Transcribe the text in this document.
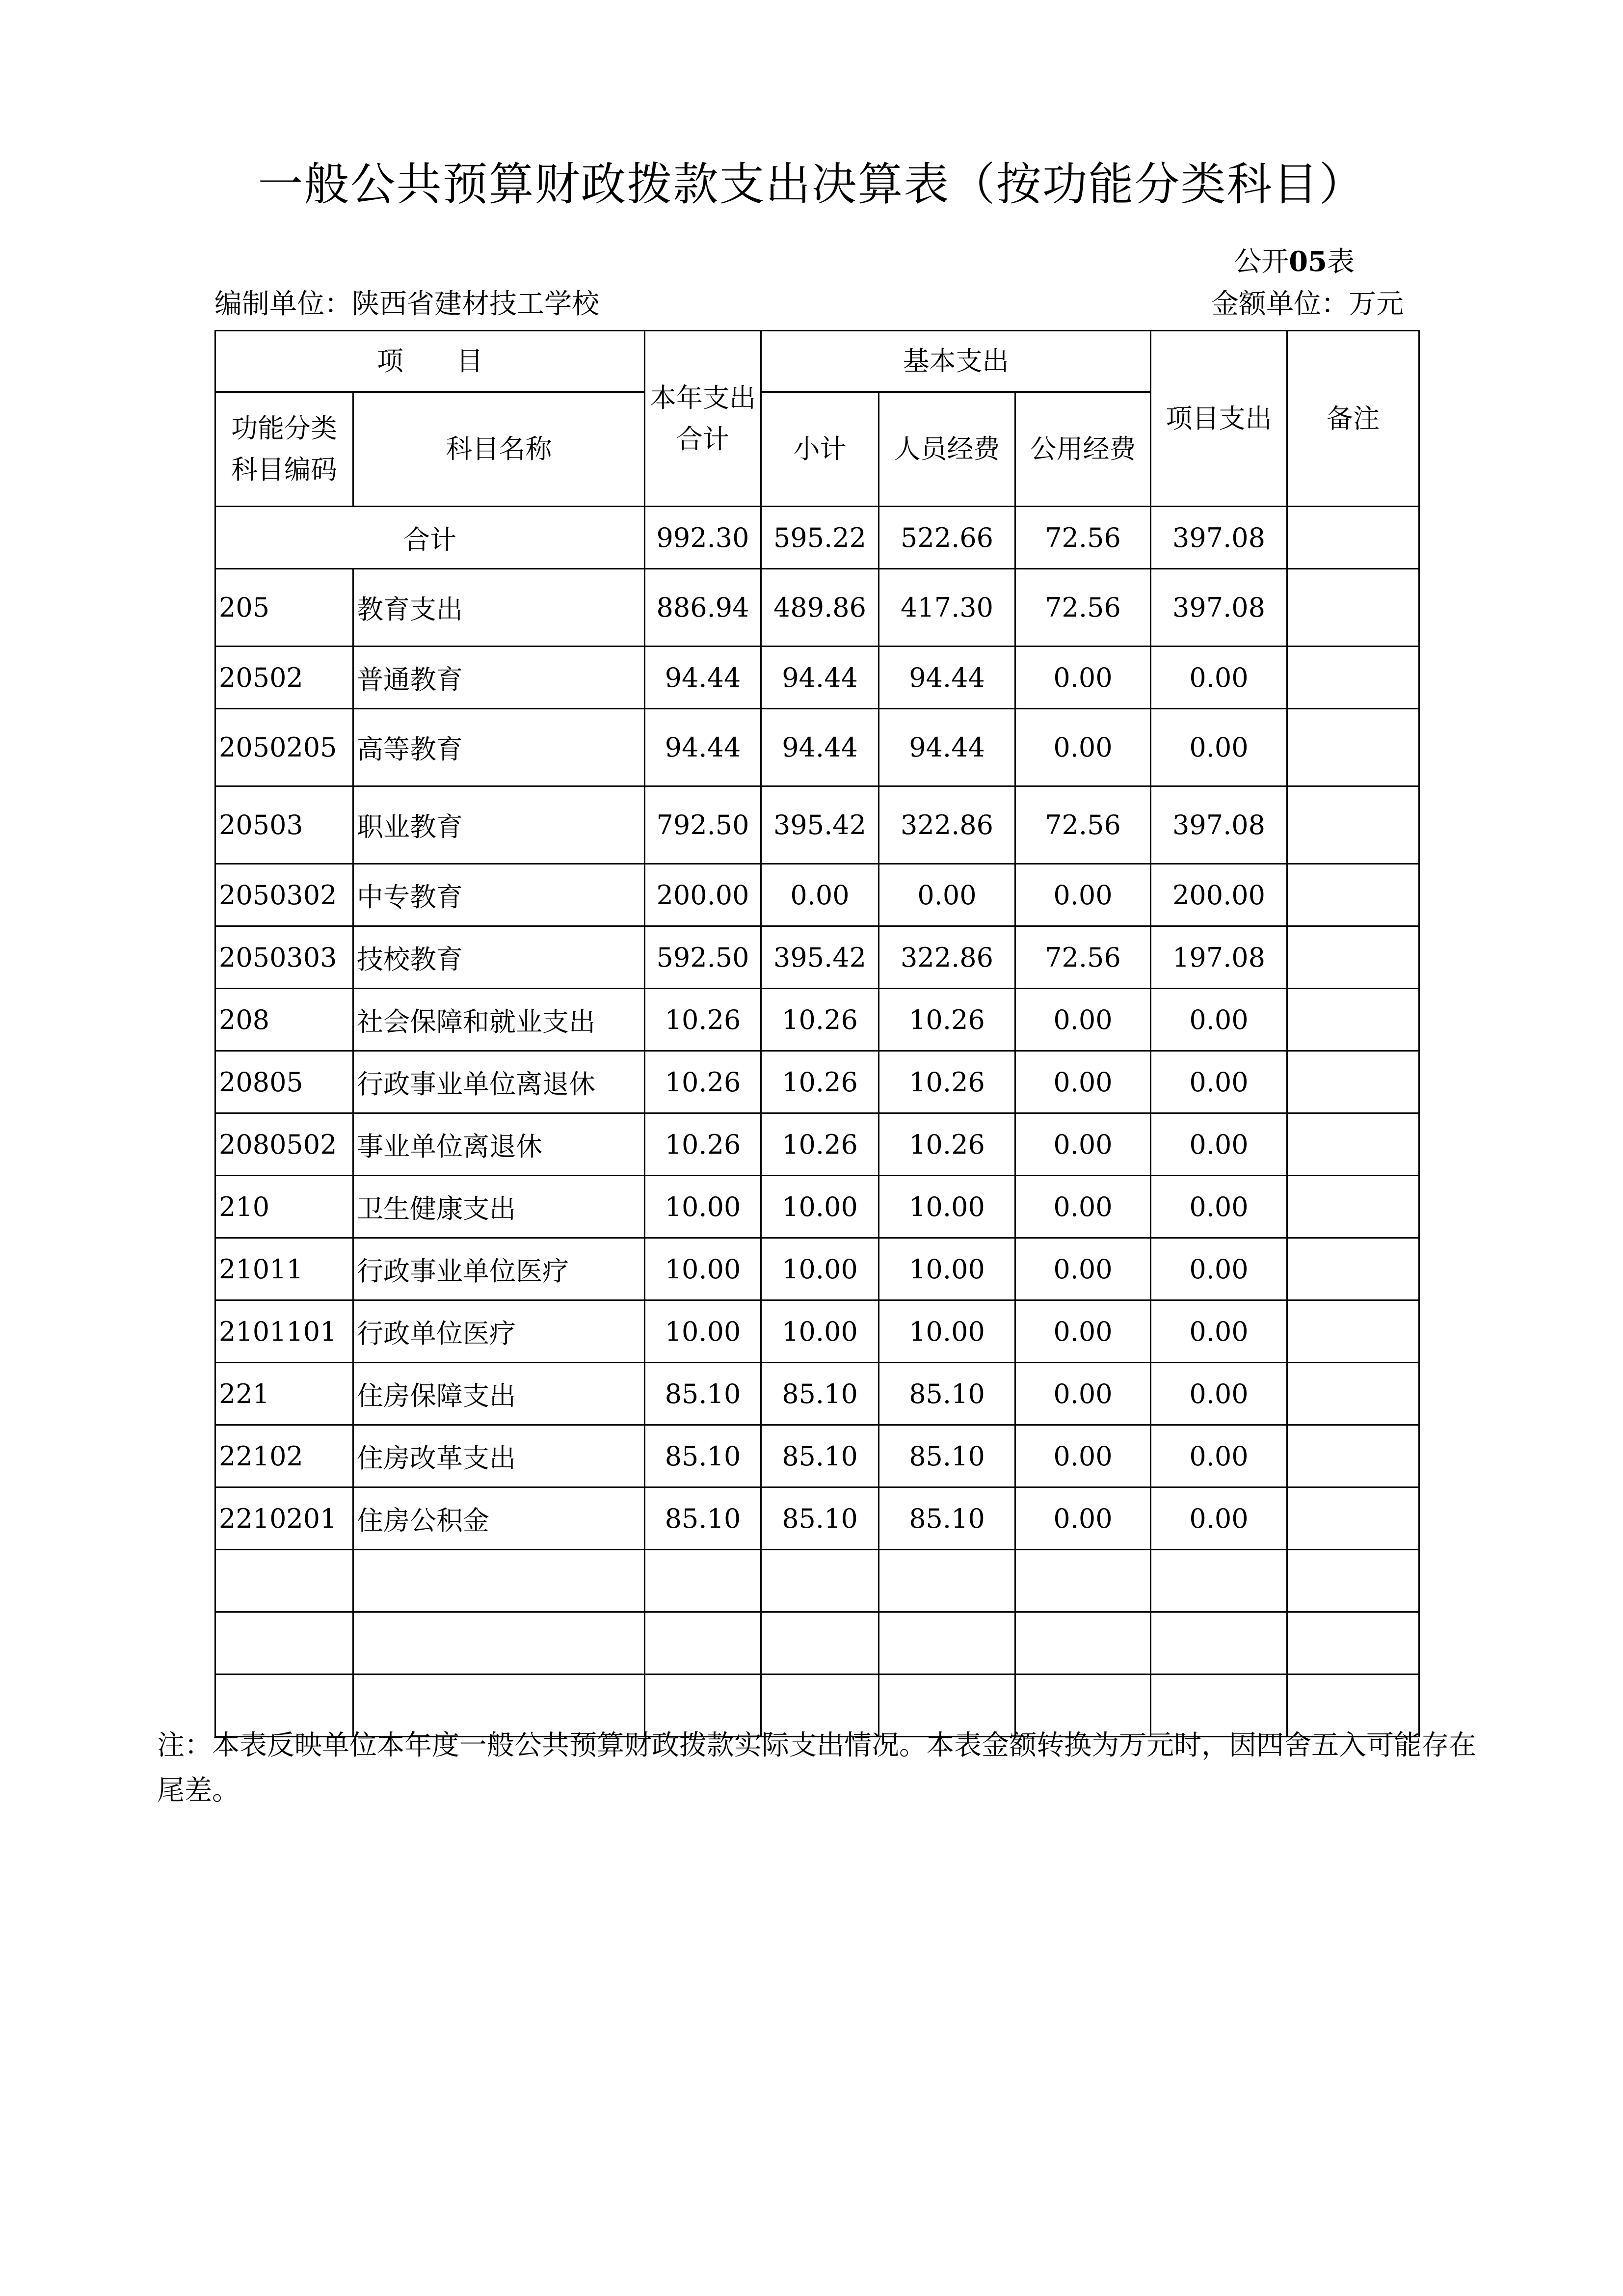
一般公共预算财政拨款支出决算表（按功能分类科目）
公开05表
编制单位：陕西省建材技工学校	金额单位：万元
项　　目		本年支出合计	基本支出			项目支出	备注
功能分类科目编码	科目名称		小计	人员经费	公用经费		
合计		992.30	595.22	522.66	72.56	397.08	
205	教育支出	886.94	489.86	417.30	72.56	397.08	
20502	普通教育	94.44	94.44	94.44	0.00	0.00	
2050205	高等教育	94.44	94.44	94.44	0.00	0.00	
20503	职业教育	792.50	395.42	322.86	72.56	397.08	
2050302	中专教育	200.00	0.00	0.00	0.00	200.00	
2050303	技校教育	592.50	395.42	322.86	72.56	197.08	
208	社会保障和就业支出	10.26	10.26	10.26	0.00	0.00	
20805	行政事业单位离退休	10.26	10.26	10.26	0.00	0.00	
2080502	事业单位离退休	10.26	10.26	10.26	0.00	0.00	
210	卫生健康支出	10.00	10.00	10.00	0.00	0.00	
21011	行政事业单位医疗	10.00	10.00	10.00	0.00	0.00	
2101101	行政单位医疗	10.00	10.00	10.00	0.00	0.00	
221	住房保障支出	85.10	85.10	85.10	0.00	0.00	
22102	住房改革支出	85.10	85.10	85.10	0.00	0.00	
2210201	住房公积金	85.10	85.10	85.10	0.00	0.00	

注：本表反映单位本年度一般公共预算财政拨款实际支出情况。本表金额转换为万元时，因四舍五入可能存在尾差。
